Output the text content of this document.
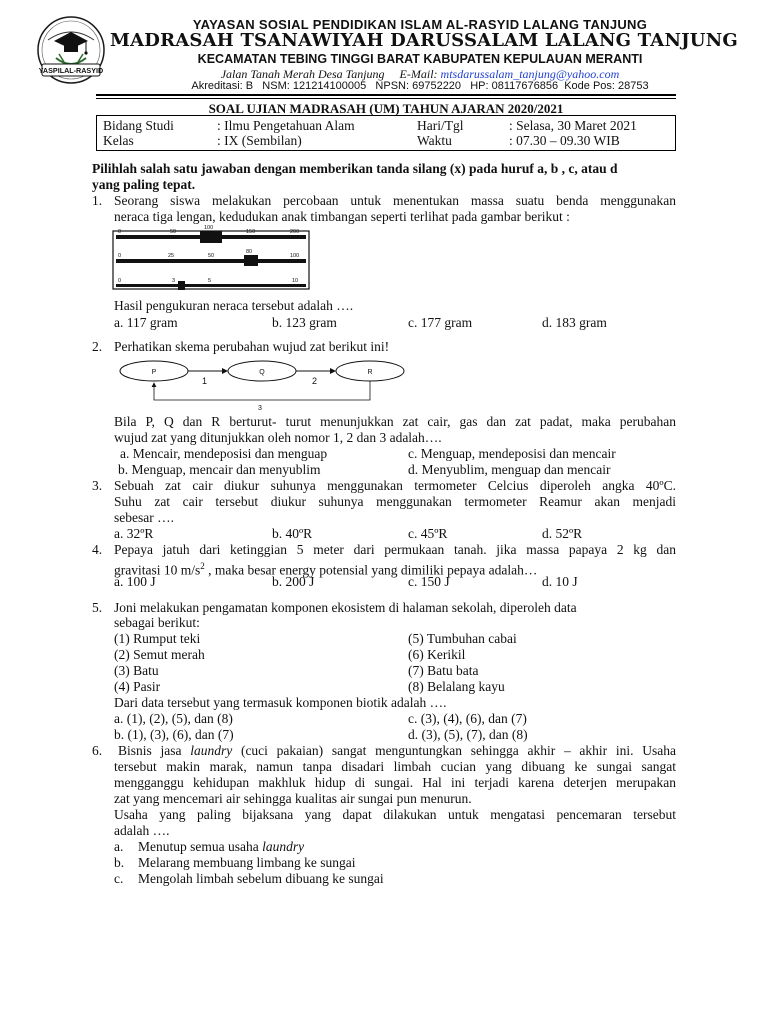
YASPILAL-RASYID
YAYASAN SOSIAL PENDIDIKAN ISLAM AL-RASYID LALANG TANJUNG
MADRASAH TSANAWIYAH DARUSSALAM LALANG TANJUNG
KECAMATAN TEBING TINGGI BARAT KABUPATEN KEPULAUAN MERANTI
Jalan Tanah Merah Desa Tanjung E-Mail: mtsdarussalam_tanjung@yahoo.com
Akreditasi: B   NSM: 121214100005   NPSN: 69752220   HP: 08117676856  Kode Pos: 28753
SOAL UJIAN MADRASAH (UM) TAHUN AJARAN 2020/2021
Bidang Studi	: Ilmu Pengetahuan Alam
Kelas	: IX (Sembilan)
Hari/Tgl	: Selasa, 30 Maret 2021
Waktu	: 07.30 – 09.30 WIB
Pilihlah salah satu jawaban dengan memberikan tanda silang (x) pada huruf a, b , c, atau d
yang paling tepat.
1. Seorang siswa melakukan percobaan untuk menentukan massa suatu benda menggunakan
neraca tiga lengan, kedudukan anak timbangan seperti terlihat pada gambar berikut :
0	50
100
150	200
0	25	50
80
100
0	3	5	10
Hasil pengukuran neraca tersebut adalah ….
a. 117 gram	b. 123 gram	c. 177 gram	d. 183 gram
2. Perhatikan skema perubahan wujud zat berikut ini!
P	Q	R
1	2
3
Bila P, Q dan R berturut- turut menunjukkan zat cair, gas dan zat padat, maka perubahan
wujud zat yang ditunjukkan oleh nomor 1, 2 dan 3 adalah….
a. Mencair, mendeposisi dan menguap
b. Menguap, mencair dan menyublim
c. Menguap, mendeposisi dan mencair
d. Menyublim, menguap dan mencair
3. Sebuah zat cair diukur suhunya menggunakan termometer Celcius diperoleh angka 40ºC.
Suhu zat cair tersebut diukur suhunya menggunakan termometer Reamur akan menjadi
sebesar ….
a. 32ºR	b. 40ºR	c. 45ºR	d. 52ºR
4. Pepaya jatuh dari ketinggian 5 meter dari permukaan tanah. jika massa papaya 2 kg dan
gravitasi 10 $m/s^2$ , maka besar energy potensial yang dimiliki pepaya adalah…
a. 100 J	b. 200 J	c. 150 J	d. 10 J
5. Joni melakukan pengamatan komponen ekosistem di halaman sekolah, diperoleh data
sebagai berikut:
(1) Rumput teki
(2) Semut merah
(3) Batu
(4) Pasir
(5) Tumbuhan cabai
(6) Kerikil
(7) Batu bata
(8) Belalang kayu
Dari data tersebut yang termasuk komponen biotik adalah ….
a. (1), (2), (5), dan (8)
b. (1), (3), (6), dan (7)
c. (3), (4), (6), dan (7)
d. (3), (5), (7), dan (8)
6. Bisnis jasa laundry (cuci pakaian) sangat menguntungkan sehingga akhir – akhir ini. Usaha
tersebut makin marak, namun tanpa disadari limbah cucian yang dibuang ke sungai sangat
mengganggu kehidupan makhluk hidup di sungai. Hal ini terjadi karena deterjen merupakan
zat yang mencemari air sehingga kualitas air sungai pun menurun.
Usaha yang paling bijaksana yang dapat dilakukan untuk mengatasi pencemaran tersebut
adalah ….
a. Menutup semua usaha laundry
b. Melarang membuang limbang ke sungai
c. Mengolah limbah sebelum dibuang ke sungai
